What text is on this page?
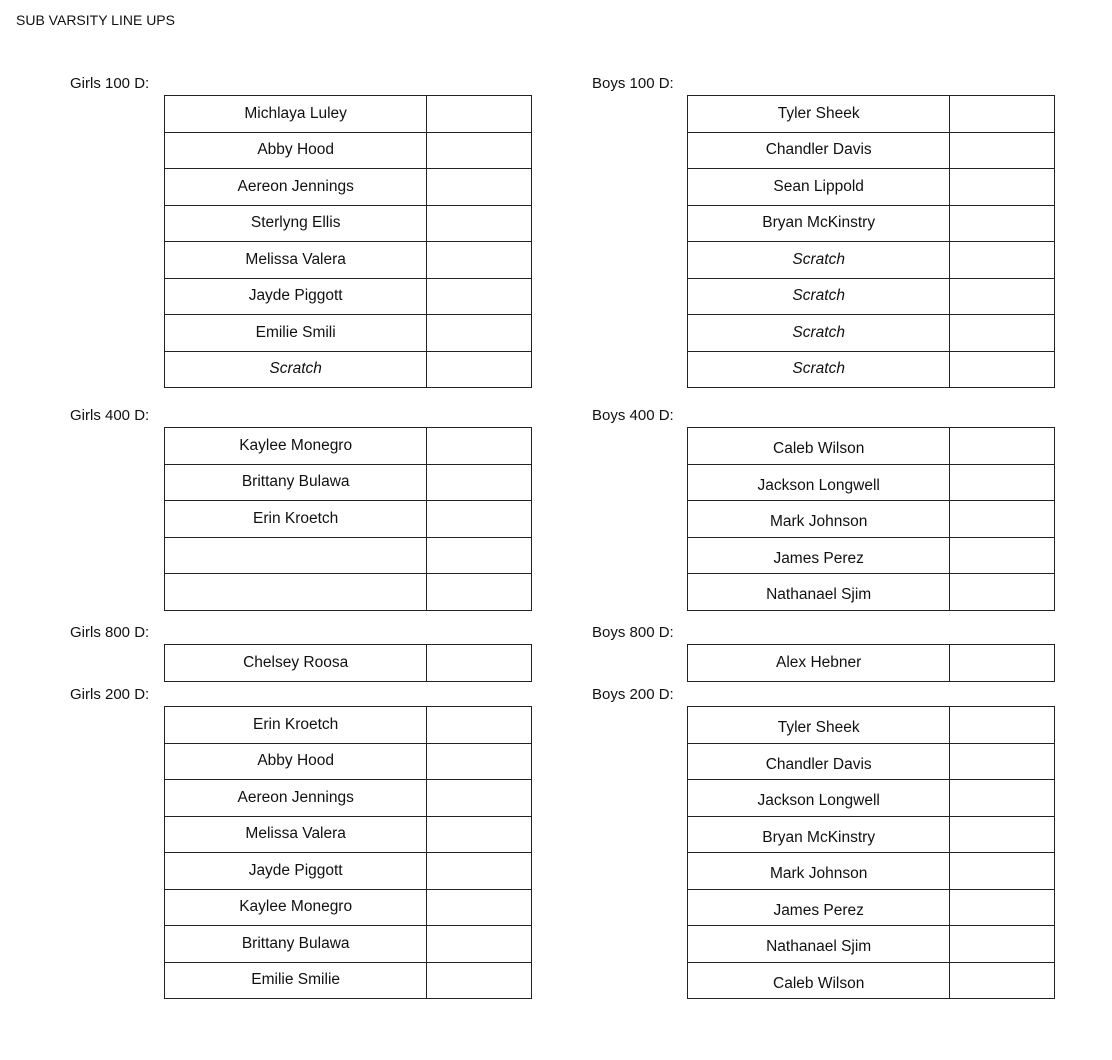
SUB VARSITY LINE UPS
Girls 100 D:
Michlaya Luley	
Abby Hood	
Aereon Jennings	
Sterlyng Ellis	
Melissa Valera	
Jayde Piggott	
Emilie Smili	
Scratch	
Boys 100 D:
Tyler Sheek	
Chandler Davis	
Sean Lippold	
Bryan McKinstry	
Scratch	
Scratch	
Scratch	
Scratch	
Girls 400 D:
Kaylee Monegro	
Brittany Bulawa	
Erin Kroetch	

Boys 400 D:
Caleb Wilson	
Jackson Longwell	
Mark Johnson	
James Perez	
Nathanael Sjim	
Girls 800 D:
Chelsey Roosa	
Boys 800 D:
Alex Hebner	
Girls 200 D:
Erin Kroetch	
Abby Hood	
Aereon Jennings	
Melissa Valera	
Jayde Piggott	
Kaylee Monegro	
Brittany Bulawa	
Emilie Smilie	
Boys 200 D:
Tyler Sheek	
Chandler Davis	
Jackson Longwell	
Bryan McKinstry	
Mark Johnson	
James Perez	
Nathanael Sjim	
Caleb Wilson	
